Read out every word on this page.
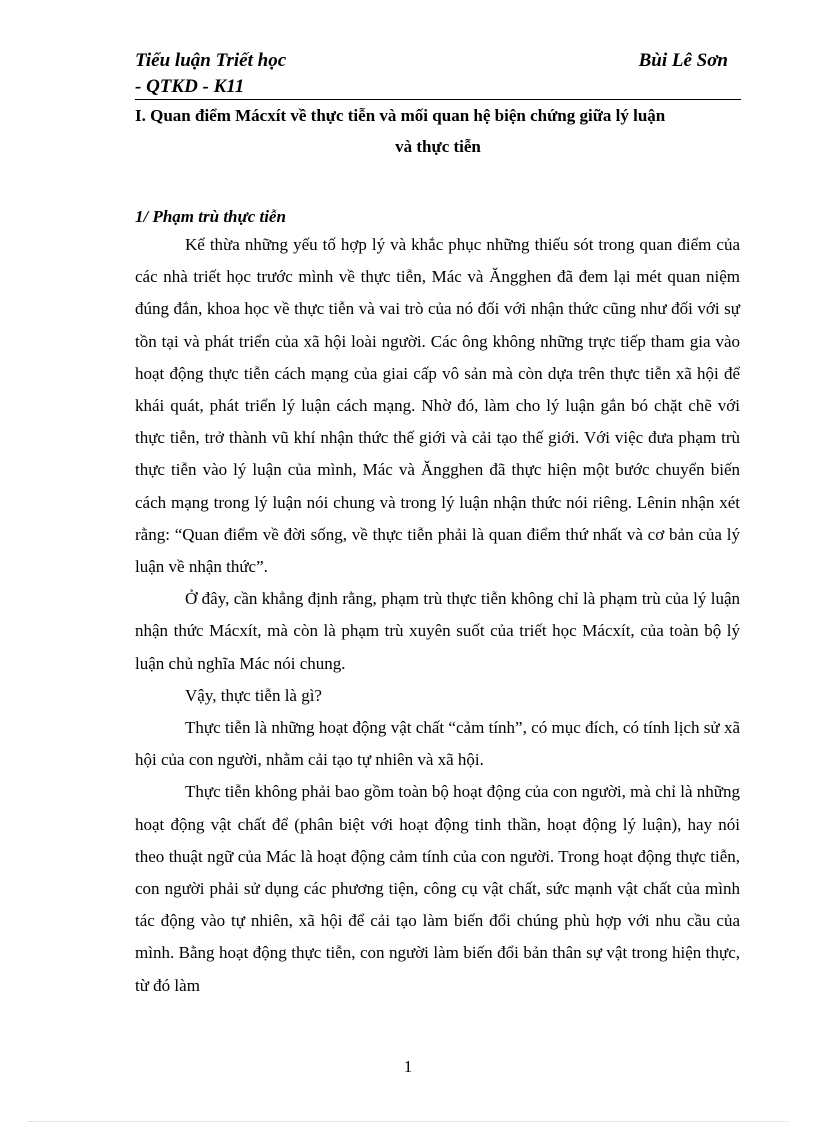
Tiểu luận Triết học
- QTKD - K11
Bùi Lê Sơn
I. Quan điểm Mácxít về thực tiễn và mối quan hệ biện chứng giữa lý luận
và thực tiễn
1/ Phạm trù thực tiễn

Kế thừa những yếu tố hợp lý và khắc phục những thiếu sót trong quan điểm của các nhà triết học trước mình về thực tiễn, Mác và Ăngghen đã đem lại mét quan niệm đúng đắn, khoa học về thực tiễn và vai trò của nó đối với nhận thức cũng như đối với sự tồn tại và phát triển của xã hội loài người. Các ông không những trực tiếp tham gia vào hoạt động thực tiễn cách mạng của giai cấp vô sản mà còn dựa trên thực tiễn xã hội để khái quát, phát triển lý luận cách mạng. Nhờ đó, làm cho lý luận gắn bó chặt chẽ với thực tiễn, trở thành vũ khí nhận thức thế giới và cải tạo thế giới. Với việc đưa phạm trù thực tiễn vào lý luận của mình, Mác và Ăngghen đã thực hiện một bước chuyển biến cách mạng trong lý luận nói chung và trong lý luận nhận thức nói riêng. Lênin nhận xét rằng: “Quan điểm về đời sống, về thực tiễn phải là quan điểm thứ nhất và cơ bản của lý luận về nhận thức”.

Ở đây, cần khẳng định rằng, phạm trù thực tiễn không chỉ là phạm trù của lý luận nhận thức Mácxít, mà còn là phạm trù xuyên suốt của triết học Mácxít, của toàn bộ lý luận chủ nghĩa Mác nói chung.

Vậy, thực tiễn là gì?

Thực tiễn là những hoạt động vật chất “cảm tính”, có mục đích, có tính lịch sử xã hội của con người, nhằm cải tạo tự nhiên và xã hội.

Thực tiễn không phải bao gồm toàn bộ hoạt động của con người, mà chỉ là những hoạt động vật chất để (phân biệt với hoạt động tinh thần, hoạt động lý luận), hay nói theo thuật ngữ của Mác là hoạt động cảm tính của con người. Trong hoạt động thực tiễn, con người phải sử dụng các phương tiện, công cụ vật chất, sức mạnh vật chất của mình tác động vào tự nhiên, xã hội để cải tạo làm biến đổi chúng phù hợp với nhu cầu của mình. Bằng hoạt động thực tiễn, con người làm biến đổi bản thân sự vật trong hiện thực, từ đó làm

1
